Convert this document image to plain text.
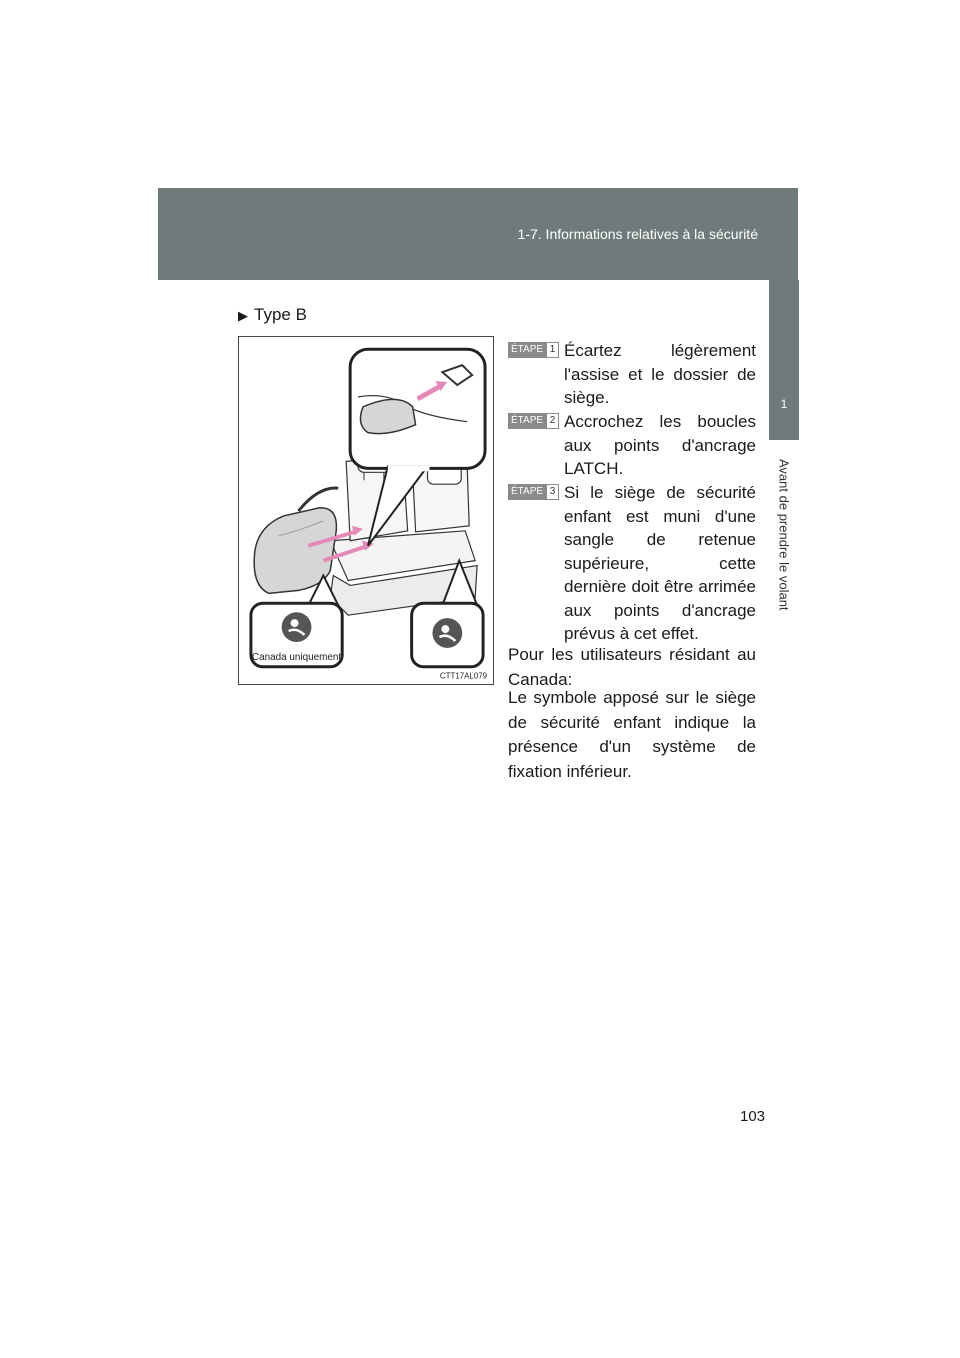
1-7. Informations relatives à la sécurité
1
Avant de prendre le volant
▶ Type B
Canada uniquement
CTT17AL079
ÉTAPE 1 Écartez légèrement l'assise et le dossier de siège.
ÉTAPE 2 Accrochez les boucles aux points d'ancrage LATCH.
ÉTAPE 3 Si le siège de sécurité enfant est muni d'une sangle de retenue supérieure, cette dernière doit être arrimée aux points d'ancrage prévus à cet effet.
Pour les utilisateurs résidant au Canada:
Le symbole apposé sur le siège de sécurité enfant indique la présence d'un système de fixation inférieur.
103
